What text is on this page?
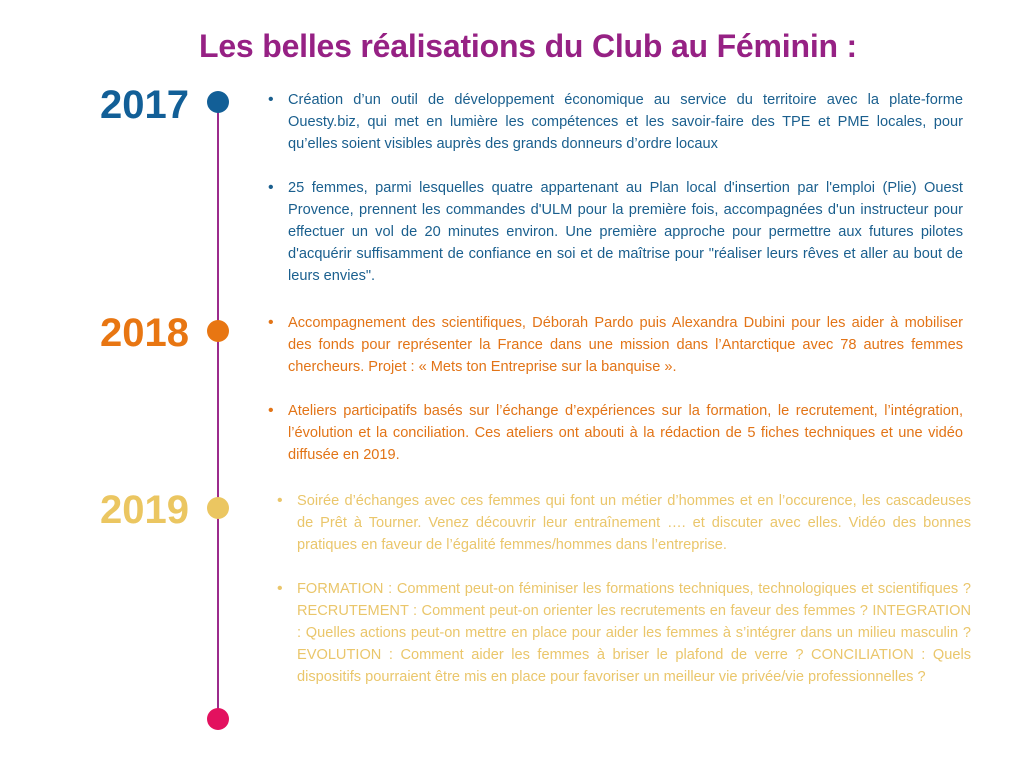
Les belles réalisations du Club au Féminin :
2017	• Création d’un outil de développement économique au service du territoire avec la plate-forme Ouesty.biz, qui met en lumière les compétences et les savoir-faire des TPE et PME locales, pour qu’elles soient visibles auprès des grands donneurs d’ordre locaux
• 25 femmes, parmi lesquelles quatre appartenant au Plan local d'insertion par l'emploi (Plie) Ouest Provence, prennent les commandes d'ULM pour la première fois, accompagnées d'un instructeur pour effectuer un vol de 20 minutes environ. Une première approche pour permettre aux futures pilotes d'acquérir suffisamment de confiance en soi et de maîtrise pour "réaliser leurs rêves et aller au bout de leurs envies".
2018	• Accompagnement des scientifiques, Déborah Pardo puis Alexandra Dubini pour les aider à mobiliser des fonds pour représenter la France dans une mission dans l’Antarctique avec 78 autres femmes chercheurs. Projet : « Mets ton Entreprise sur la banquise ».
• Ateliers participatifs basés sur l’échange d’expériences sur la formation, le recrutement, l’intégration, l’évolution et la conciliation. Ces ateliers ont abouti à la rédaction de 5 fiches techniques et une vidéo diffusée en 2019.
2019	• Soirée d’échanges avec ces femmes qui font un métier d’hommes et en l’occurence, les cascadeuses de Prêt à Tourner. Venez découvrir leur entraînement …. et discuter avec elles. Vidéo des bonnes pratiques en faveur de l’égalité femmes/hommes dans l’entreprise.
• FORMATION : Comment peut-on féminiser les formations techniques, technologiques et scientifiques ? RECRUTEMENT : Comment peut-on orienter les recrutements en faveur des femmes ? INTEGRATION : Quelles actions peut-on mettre en place pour aider les femmes à s’intégrer dans un milieu masculin ? EVOLUTION : Comment aider les femmes à briser le plafond de verre ? CONCILIATION : Quels dispositifs pourraient être mis en place pour favoriser un meilleur vie privée/vie professionnelles ?
